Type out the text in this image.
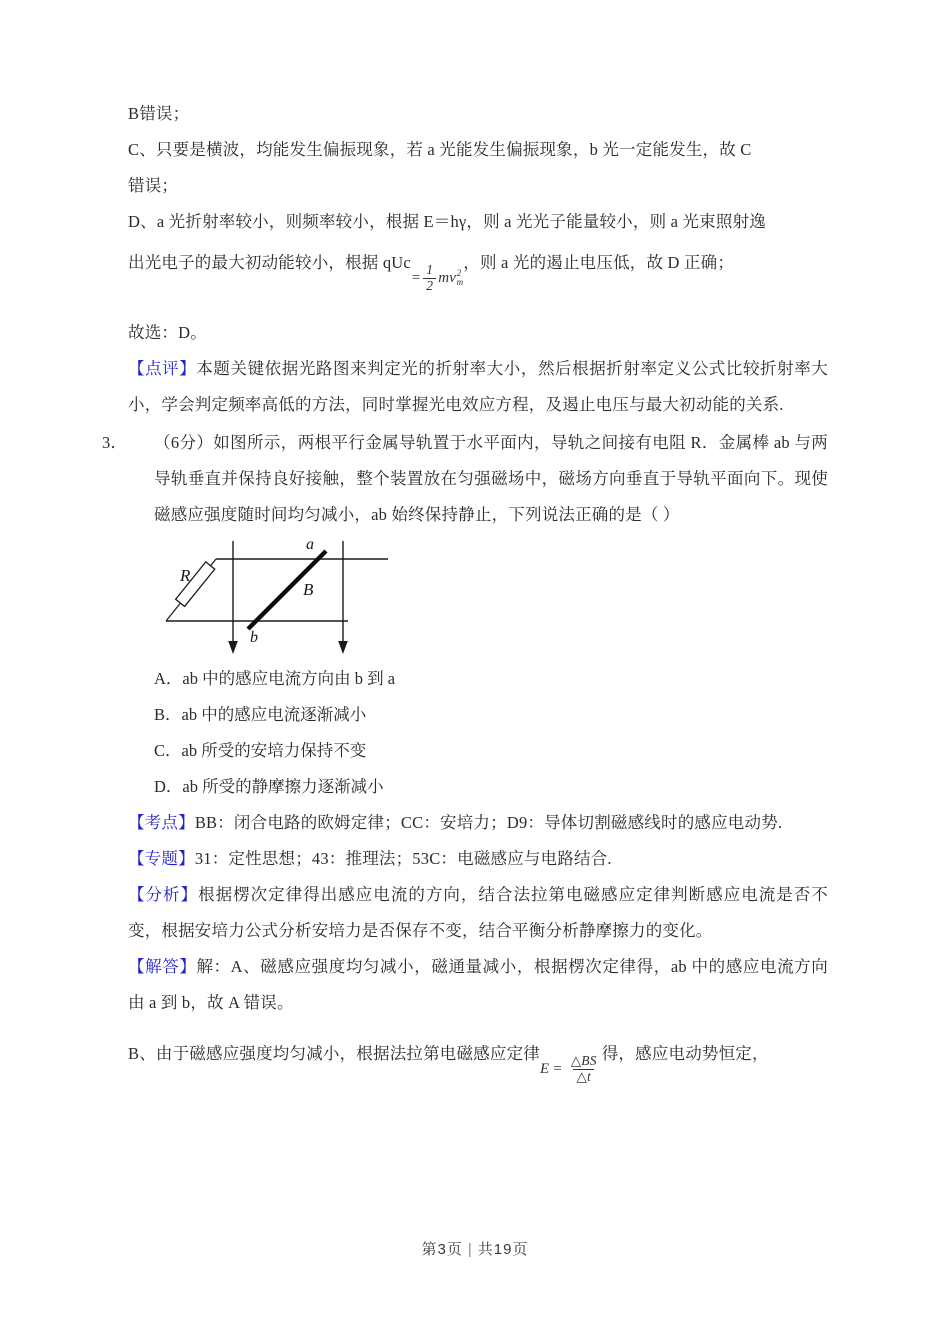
B错误；

C、只要是横波，均能发生偏振现象，若 a 光能发生偏振现象，b 光一定能发生，故 C

错误；

D、a 光折射率较小，则频率较小，根据 E＝hγ，则 a 光光子能量较小，则 a 光束照射逸

出光电子的最大初动能较小，根据 qUc
= $\frac{1}{2}$ mv 2
m
，则 a 光的遏止电压低，故 D 正确；

故选：D。

【点评】本题关键依据光路图来判定光的折射率大小，然后根据折射率定义公式比较折射率大小，学会判定频率高低的方法，同时掌握光电效应方程，及遏止电压与最大初动能的关系.

3． （6分）如图所示，两根平行金属导轨置于水平面内，导轨之间接有电阻 R．金属棒 ab 与两导轨垂直并保持良好接触，整个装置放在匀强磁场中，磁场方向垂直于导轨平面向下。现使磁感应强度随时间均匀减小，ab 始终保持静止，下列说法正确的是（ ）
R
a
b
B

A．ab 中的感应电流方向由 b 到 a

B．ab 中的感应电流逐渐减小

C．ab 所受的安培力保持不变

D．ab 所受的静摩擦力逐渐减小

【考点】BB：闭合电路的欧姆定律；CC：安培力；D9：导体切割磁感线时的感应电动势.

【专题】31：定性思想；43：推理法；53C：电磁感应与电路结合.

【分析】根据楞次定律得出感应电流的方向，结合法拉第电磁感应定律判断感应电流是否不变，根据安培力公式分析安培力是否保存不变，结合平衡分析静摩擦力的变化。

【解答】解：A、磁感应强度均匀减小，磁通量减小，根据楞次定律得，ab 中的感应电流方向由 a 到 b，故 A 错误。

B、由于磁感应强度均匀减小，根据法拉第电磁感应定律
$E = \frac{\triangle BS}{\triangle t}$
得，感应电动势恒定，

第3页 | 共19页
